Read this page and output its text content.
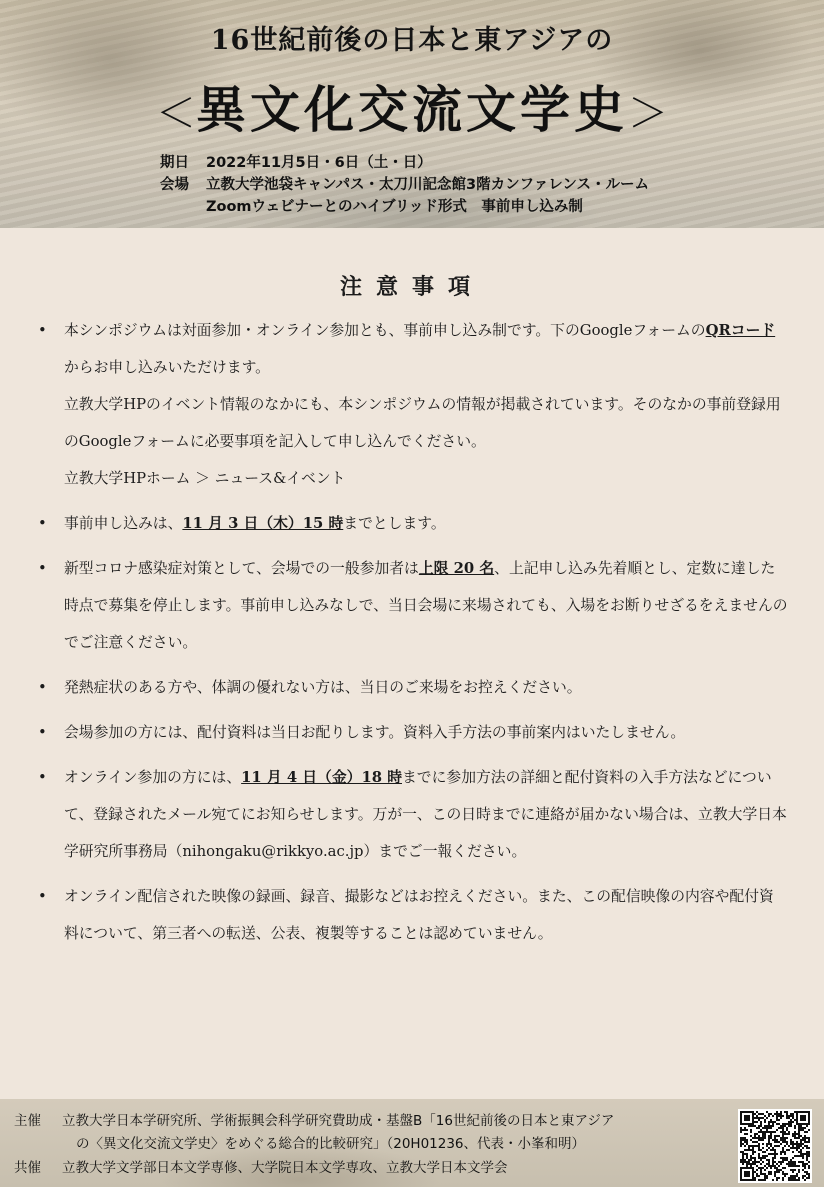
16世紀前後の日本と東アジアの
＜異文化交流文学史＞
期日 2022年11月5日・6日（土・日）
会場 立教大学池袋キャンパス・太刀川記念館3階カンファレンス・ルーム
Zoomウェビナーとのハイブリッド形式　事前申し込み制
注意事項
• 本シンポジウムは対面参加・オンライン参加とも、事前申し込み制です。下のGoogleフォームのQRコードからお申し込みいただけます。
立教大学HPのイベント情報のなかにも、本シンポジウムの情報が掲載されています。そのなかの事前登録用のGoogleフォームに必要事項を記入して申し込んでください。
立教大学HPホーム ＞ ニュース&イベント
• 事前申し込みは、11 月 3 日（木）15 時までとします。
• 新型コロナ感染症対策として、会場での一般参加者は上限 20 名、上記申し込み先着順とし、定数に達した時点で募集を停止します。事前申し込みなしで、当日会場に来場されても、入場をお断りせざるをえませんのでご注意ください。
• 発熱症状のある方や、体調の優れない方は、当日のご来場をお控えください。
• 会場参加の方には、配付資料は当日お配りします。資料入手方法の事前案内はいたしません。
• オンライン参加の方には、11 月 4 日（金）18 時までに参加方法の詳細と配付資料の入手方法などについて、登録されたメール宛てにお知らせします。万が一、この日時までに連絡が届かない場合は、立教大学日本学研究所事務局（nihongaku@rikkyo.ac.jp）までご一報ください。
• オンライン配信された映像の録画、録音、撮影などはお控えください。また、この配信映像の内容や配付資料について、第三者への転送、公表、複製等することは認めていません。
主催 立教大学日本学研究所、学術振興会科学研究費助成・基盤B「16世紀前後の日本と東アジア
の〈異文化交流文学史〉をめぐる総合的比較研究」（20H01236、代表・小峯和明）
共催 立教大学文学部日本文学専修、大学院日本文学専攻、立教大学日本文学会
